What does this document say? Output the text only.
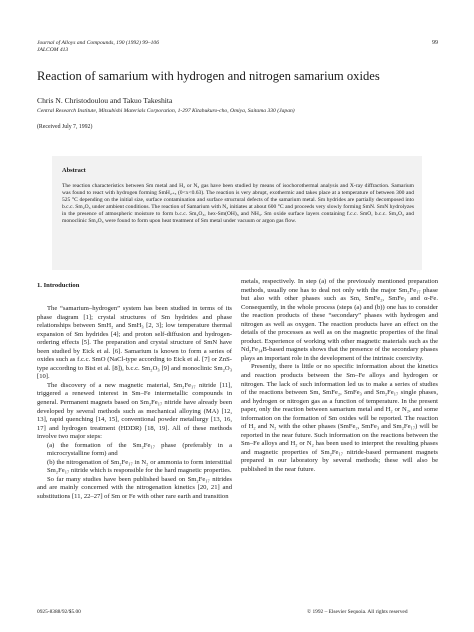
Journal of Alloys and Compounds, 190 (1992) 99–106
JALCOM 413
99
Reaction of samarium with hydrogen and nitrogen samarium oxides
Chris N. Christodoulou and Takuo Takeshita
Central Research Institute, Mitsubishi Materials Corporation, 1-297 Kitabukuro-cho, Omiya, Saitama 330 (Japan)
(Received July 7, 1992)
Abstract
The reaction characteristics between Sm metal and H₂ or N₂ gas have been studied by means of isochorothermal analysis and X-ray diffraction. Samarium was found to react with hydrogen forming SmH₂₊ₓ (0<x<0.63). The reaction is very abrupt, exothermic and takes place at a temperature of between 300 and 525 °C depending on the initial size, surface contamination and surface structural defects of the samarium metal. Sm hydrides are partially decomposed into b.c.c. Sm₂O₃ under ambient conditions. The reaction of Samarium with N₂ initiates at about 600 °C and proceeds very slowly forming SmN. SmN hydrolyzes in the presence of atmospheric moisture to form b.c.c. Sm₂O₃, hex-Sm(OH)₃ and NH₃. Sm oxide surface layers containing f.c.c. SmO, b.c.c. Sm₂O₃ and monoclinic Sm₂O₃ were found to form upon heat treatment of Sm metal under vacuum or argon gas flow.
1. Introduction

The “samarium–hydrogen” system has been studied in terms of its phase diagram [1]; crystal structures of Sm hydrides and phase relationships between SmH₂ and SmH₃ [2, 3]; low temperature thermal expansion of Sm hydrides [4]; and proton self-diffusion and hydrogen-ordering effects [5]. The preparation and crystal structure of SmN have been studied by Eick et al. [6]. Samarium is known to form a series of oxides such as f.c.c. SmO (NaCl-type according to Eick et al. [7] or ZnS-type according to Bist et al. [8]), b.c.c. Sm₂O₃ [9] and monoclinic Sm₂O₃ [10].

The discovery of a new magnetic material, Sm₂Fe₁₇ nitride [11], triggered a renewed interest in Sm–Fe intermetallic compounds in general. Permanent magnets based on Sm₂Fe₁₇ nitride have already been developed by several methods such as mechanical alloying (MA) [12, 13], rapid quenching [14, 15], conventional powder metallurgy [13, 16, 17] and hydrogen treatment (HDDR) [18, 19]. All of these methods involve two major steps:

(a) the formation of the Sm₂Fe₁₇ phase (preferably in a microcrystalline form) and

(b) the nitrogenation of Sm₂Fe₁₇ in N₂ or ammonia to form interstitial Sm₂Fe₁₇ nitride which is responsible for the hard magnetic properties.

So far many studies have been published based on Sm₂Fe₁₇ nitrides and are mainly concerned with the nitrogenation kinetics [20, 21] and substitutions [11, 22–27] of Sm or Fe with other rare earth and transition

metals, respectively. In step (a) of the previously mentioned preparation methods, usually one has to deal not only with the major Sm₂Fe₁₇ phase but also with other phases such as Sm, SmFe₂, SmFe₃ and α-Fe. Consequently, in the whole process (steps (a) and (b)) one has to consider the reaction products of these “secondary” phases with hydrogen and nitrogen as well as oxygen. The reaction products have an effect on the details of the processes as well as on the magnetic properties of the final product. Experience of working with other magnetic materials such as the Nd₂Fe₁₄B-based magnets shows that the presence of the secondary phases plays an important role in the development of the intrinsic coercivity.

Presently, there is little or no specific information about the kinetics and reaction products between the Sm–Fe alloys and hydrogen or nitrogen. The lack of such information led us to make a series of studies of the reactions between Sm, SmFe₂, SmFe₃ and Sm₂Fe₁₇ single phases, and hydrogen or nitrogen gas as a function of temperature. In the present paper, only the reaction between samarium metal and H₂ or N₂, and some information on the formation of Sm oxides will be reported. The reaction of H₂ and N₂ with the other phases (SmFe₂, SmFe₃ and Sm₂Fe₁₇) will be reported in the near future. Such information on the reactions between the Sm–Fe alloys and H₂ or N₂ has been used to interpret the resulting phases and magnetic properties of Sm₂Fe₁₇ nitride-based permanent magnets prepared in our laboratory by several methods; these will also be published in the near future.

0925-8388/92/$5.00	© 1992 – Elsevier Sequoia. All rights reserved
